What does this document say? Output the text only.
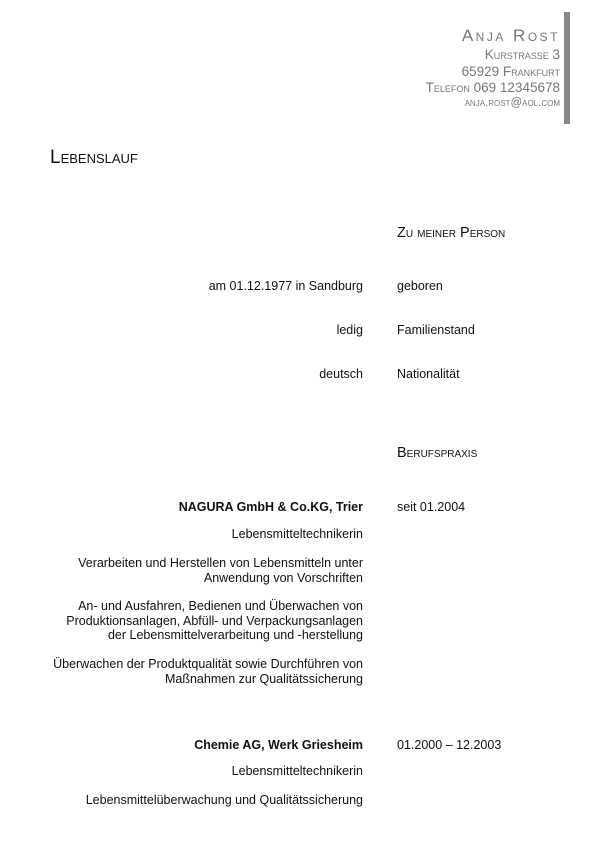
Anja Rost
Kurstrasse 3
65929 Frankfurt
Telefon 069 12345678
anja.rost@aol.com
Lebenslauf
Zu meiner Person
am 01.12.1977 in Sandburg	geboren
ledig	Familienstand
deutsch	Nationalität
Berufspraxis
NAGURA GmbH & Co.KG, Trier	seit 01.2004
Lebensmitteltechnikerin
Verarbeiten und Herstellen von Lebensmitteln unter Anwendung von Vorschriften
An- und Ausfahren, Bedienen und Überwachen von Produktionsanlagen, Abfüll- und Verpackungsanlagen der Lebensmittelverarbeitung und -herstellung
Überwachen der Produktqualität sowie Durchführen von Maßnahmen zur Qualitätssicherung
Chemie AG, Werk Griesheim	01.2000 – 12.2003
Lebensmitteltechnikerin
Lebensmittelüberwachung und Qualitätssicherung
